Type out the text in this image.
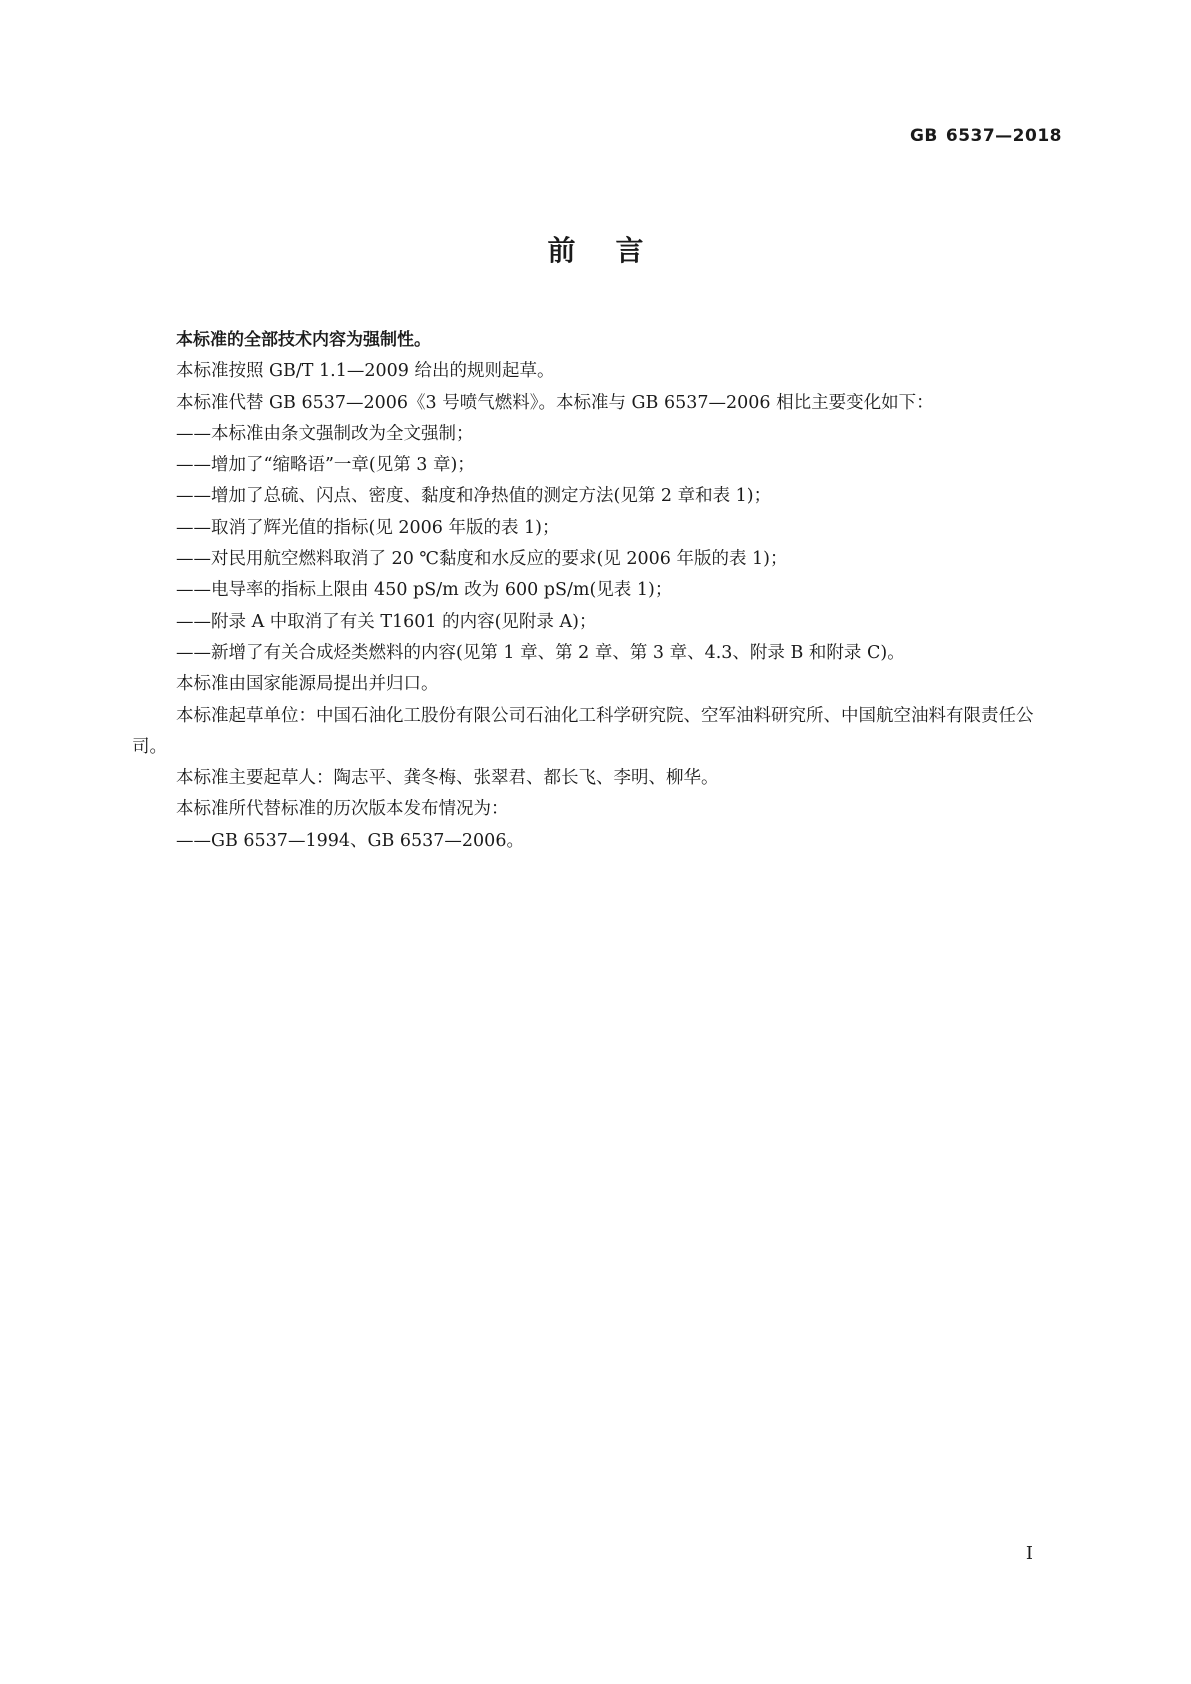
GB 6537—2018
前言

本标准的全部技术内容为强制性。

本标准按照 GB/T 1.1—2009 给出的规则起草。

本标准代替 GB 6537—2006《3 号喷气燃料》。本标准与 GB 6537—2006 相比主要变化如下：

——本标准由条文强制改为全文强制；

——增加了“缩略语”一章(见第 3 章)；

——增加了总硫、闪点、密度、黏度和净热值的测定方法(见第 2 章和表 1)；

——取消了辉光值的指标(见 2006 年版的表 1)；

——对民用航空燃料取消了 20 ℃黏度和水反应的要求(见 2006 年版的表 1)；

——电导率的指标上限由 450 pS/m 改为 600 pS/m(见表 1)；

——附录 A 中取消了有关 T1601 的内容(见附录 A)；

——新增了有关合成烃类燃料的内容(见第 1 章、第 2 章、第 3 章、4.3、附录 B 和附录 C)。

本标准由国家能源局提出并归口。

本标准起草单位：中国石油化工股份有限公司石油化工科学研究院、空军油料研究所、中国航空油料有限责任公司。

本标准主要起草人：陶志平、龚冬梅、张翠君、都长飞、李明、柳华。

本标准所代替标准的历次版本发布情况为：

——GB 6537—1994、GB 6537—2006。

I
